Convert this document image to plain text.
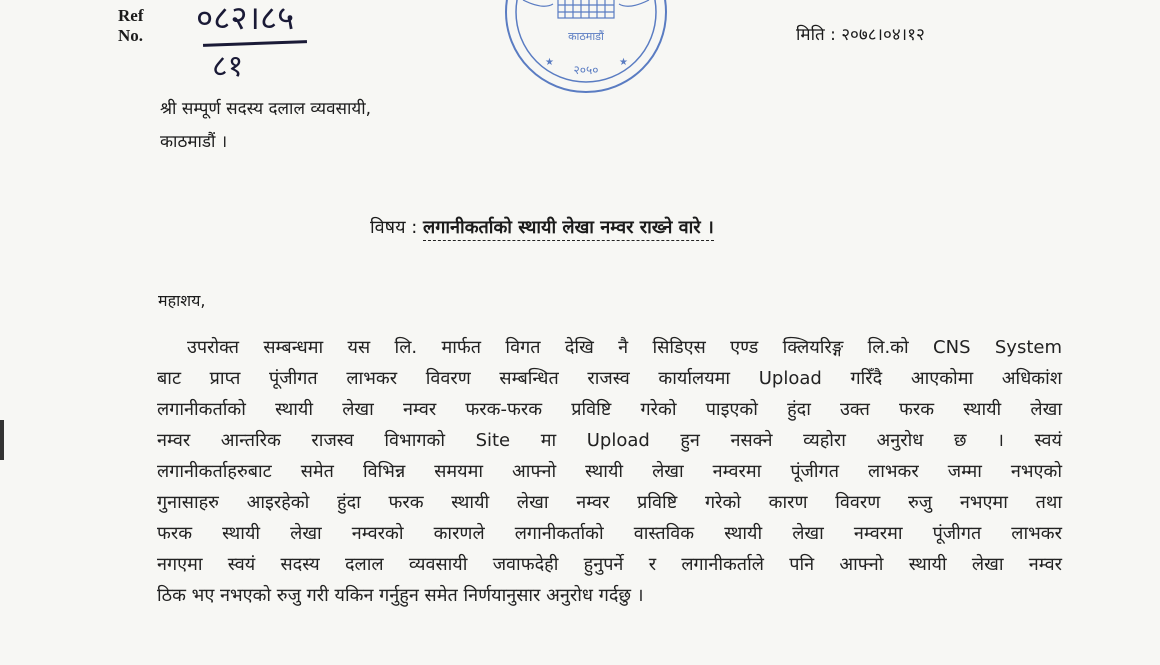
Ref No. ०८२।८५
८१
काठमाडौं
२०५०
★	★
मिति : २०७८।०४।१२
श्री सम्पूर्ण सदस्य दलाल व्यवसायी,
काठमाडौं ।
विषय : लगानीकर्ताको स्थायी लेखा नम्वर राख्ने वारे ।
महाशय,
उपरोक्त सम्बन्धमा यस लि. मार्फत विगत देखि नै सिडिएस एण्ड क्लियरिङ्ग लि.को CNS System
बाट प्राप्त पूंजीगत लाभकर विवरण सम्बन्धित राजस्व कार्यालयमा Upload गरिँदै आएकोमा अधिकांश
लगानीकर्ताको स्थायी लेखा नम्वर फरक-फरक प्रविष्टि गरेको पाइएको हुंदा उक्त फरक स्थायी लेखा
नम्वर आन्तरिक राजस्व विभागको Site मा Upload हुन नसक्ने व्यहोरा अनुरोध छ । स्वयं
लगानीकर्ताहरुबाट समेत विभिन्न समयमा आफ्नो स्थायी लेखा नम्वरमा पूंजीगत लाभकर जम्मा नभएको
गुनासाहरु आइरहेको हुंदा फरक स्थायी लेखा नम्वर प्रविष्टि गरेको कारण विवरण रुजु नभएमा तथा
फरक स्थायी लेखा नम्वरको कारणले लगानीकर्ताको वास्तविक स्थायी लेखा नम्वरमा पूंजीगत लाभकर
नगएमा स्वयं सदस्य दलाल व्यवसायी जवाफदेही हुनुपर्ने र लगानीकर्ताले पनि आफ्नो स्थायी लेखा नम्वर
ठिक भए नभएको रुजु गरी यकिन गर्नुहुन समेत निर्णयानुसार अनुरोध गर्दछु ।
